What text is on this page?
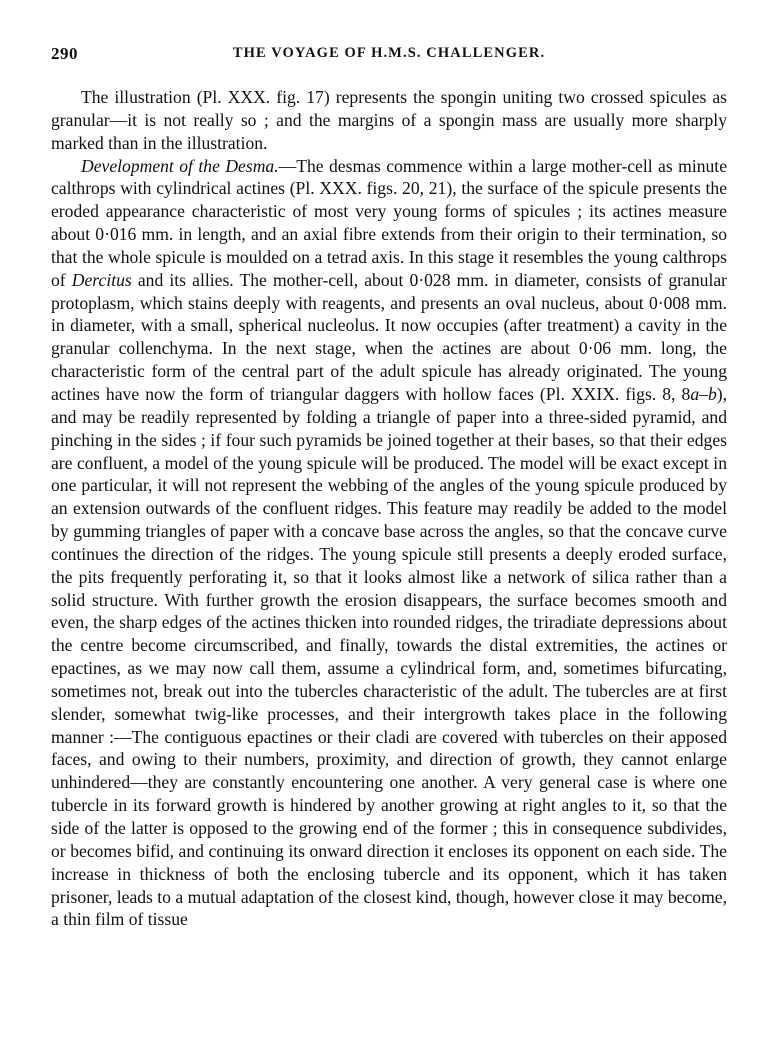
290	THE VOYAGE OF H.M.S. CHALLENGER.

The illustration (Pl. XXX. fig. 17) represents the spongin uniting two crossed spicules as granular—it is not really so ; and the margins of a spongin mass are usually more sharply marked than in the illustration.

Development of the Desma.—The desmas commence within a large mother-cell as minute calthrops with cylindrical actines (Pl. XXX. figs. 20, 21), the surface of the spicule presents the eroded appearance characteristic of most very young forms of spicules ; its actines measure about 0·016 mm. in length, and an axial fibre extends from their origin to their termination, so that the whole spicule is moulded on a tetrad axis. In this stage it resembles the young calthrops of Dercitus and its allies. The mother-cell, about 0·028 mm. in diameter, consists of granular protoplasm, which stains deeply with reagents, and presents an oval nucleus, about 0·008 mm. in diameter, with a small, spherical nucleolus. It now occupies (after treatment) a cavity in the granular collenchyma. In the next stage, when the actines are about 0·06 mm. long, the characteristic form of the central part of the adult spicule has already originated. The young actines have now the form of triangular daggers with hollow faces (Pl. XXIX. figs. 8, 8a–b), and may be readily represented by folding a triangle of paper into a three-sided pyramid, and pinching in the sides ; if four such pyramids be joined together at their bases, so that their edges are confluent, a model of the young spicule will be produced. The model will be exact except in one particular, it will not represent the webbing of the angles of the young spicule produced by an extension outwards of the confluent ridges. This feature may readily be added to the model by gumming triangles of paper with a concave base across the angles, so that the concave curve continues the direction of the ridges. The young spicule still presents a deeply eroded surface, the pits frequently perforating it, so that it looks almost like a network of silica rather than a solid structure. With further growth the erosion disappears, the surface becomes smooth and even, the sharp edges of the actines thicken into rounded ridges, the triradiate depressions about the centre become circumscribed, and finally, towards the distal extremities, the actines or epactines, as we may now call them, assume a cylindrical form, and, sometimes bifurcating, sometimes not, break out into the tubercles characteristic of the adult. The tubercles are at first slender, somewhat twig-like processes, and their intergrowth takes place in the following manner :—The contiguous epactines or their cladi are covered with tubercles on their apposed faces, and owing to their numbers, proximity, and direction of growth, they cannot enlarge unhindered—they are constantly encountering one another. A very general case is where one tubercle in its forward growth is hindered by another growing at right angles to it, so that the side of the latter is opposed to the growing end of the former ; this in consequence subdivides, or becomes bifid, and continuing its onward direction it encloses its opponent on each side. The increase in thickness of both the enclosing tubercle and its opponent, which it has taken prisoner, leads to a mutual adaptation of the closest kind, though, however close it may become, a thin film of tissue
